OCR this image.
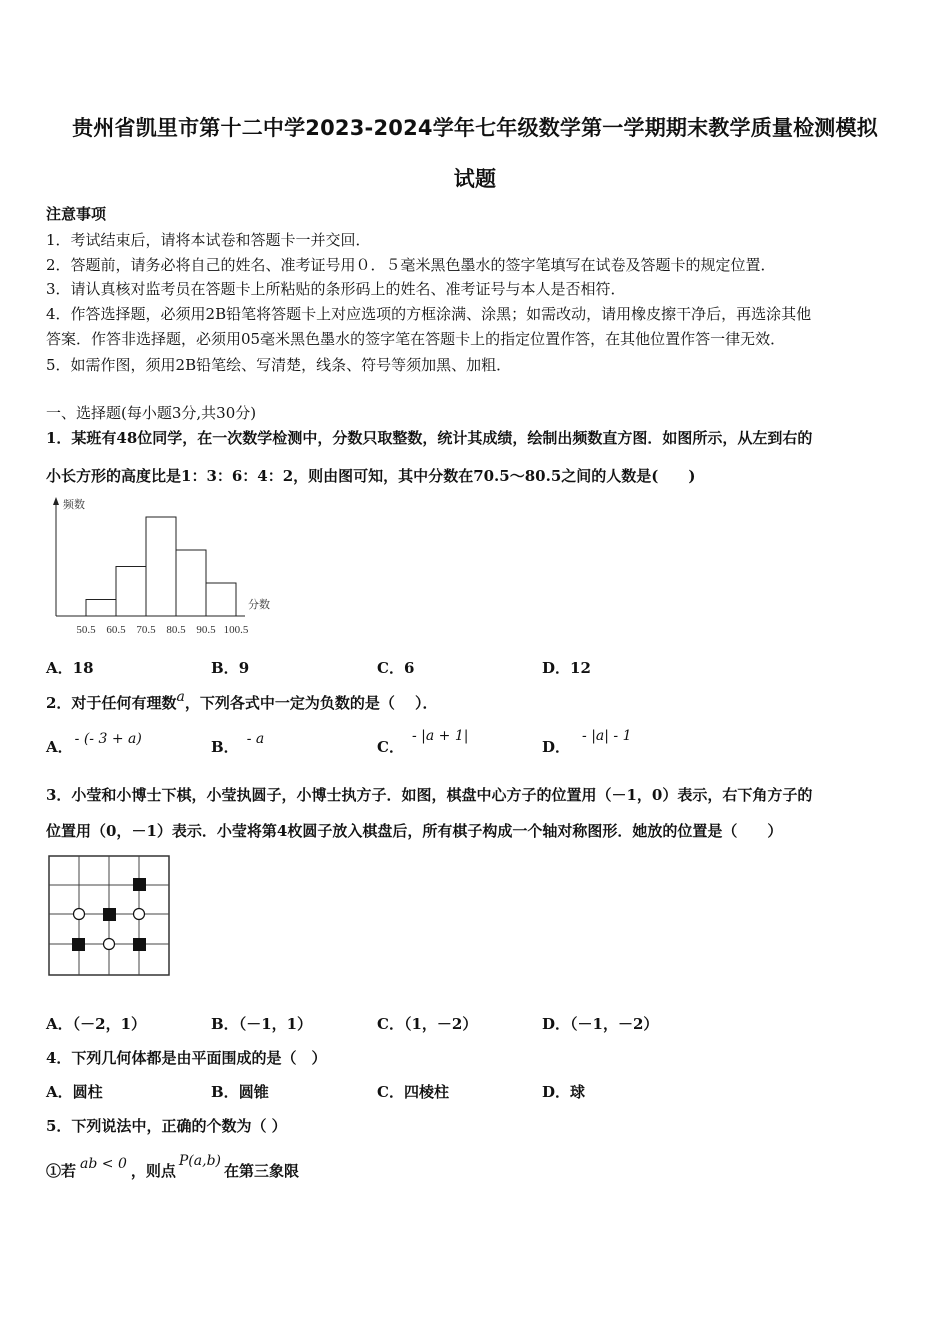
贵州省凯里市第十二中学2023-2024学年七年级数学第一学期期末教学质量检测模拟
试题
注意事项
1．考试结束后，请将本试卷和答题卡一并交回．
2．答题前，请务必将自己的姓名、准考证号用０．５毫米黑色墨水的签字笔填写在试卷及答题卡的规定位置．
3．请认真核对监考员在答题卡上所粘贴的条形码上的姓名、准考证号与本人是否相符．
4．作答选择题，必须用2B铅笔将答题卡上对应选项的方框涂满、涂黑；如需改动，请用橡皮擦干净后，再选涂其他
答案．作答非选择题，必须用05毫米黑色墨水的签字笔在答题卡上的指定位置作答，在其他位置作答一律无效．
5．如需作图，须用2B铅笔绘、写清楚，线条、符号等须加黑、加粗．
一、选择题(每小题3分,共30分)
1．某班有48位同学，在一次数学检测中，分数只取整数，统计其成绩，绘制出频数直方图．如图所示，从左到右的
小长方形的高度比是1：3：6：4：2，则由图可知，其中分数在70.5～80.5之间的人数是(　　)
频数
分数
50.5 60.5 70.5 80.5 90.5 100.5
A．18	B．9	C．6	D．12
2．对于任何有理数a，下列各式中一定为负数的是（　 ）．
A． - (- 3 + a)	B． - a	C．- |a + 1|
D．- |a| - 1
3．小莹和小博士下棋，小莹执圆子，小博士执方子．如图，棋盘中心方子的位置用（－1，0）表示，右下角方子的
位置用（0，－1）表示．小莹将第4枚圆子放入棋盘后，所有棋子构成一个轴对称图形．她放的位置是（　　）
A．（－2，1）	B．（－1，1）	C．（1，－2）	D．（－1，－2）
4．下列几何体都是由平面围成的是（　）
A．圆柱	B．圆锥	C．四棱柱	D．球
5．下列说法中，正确的个数为（ ）
①若 ab < 0 ，则点P(a,b)在第三象限
